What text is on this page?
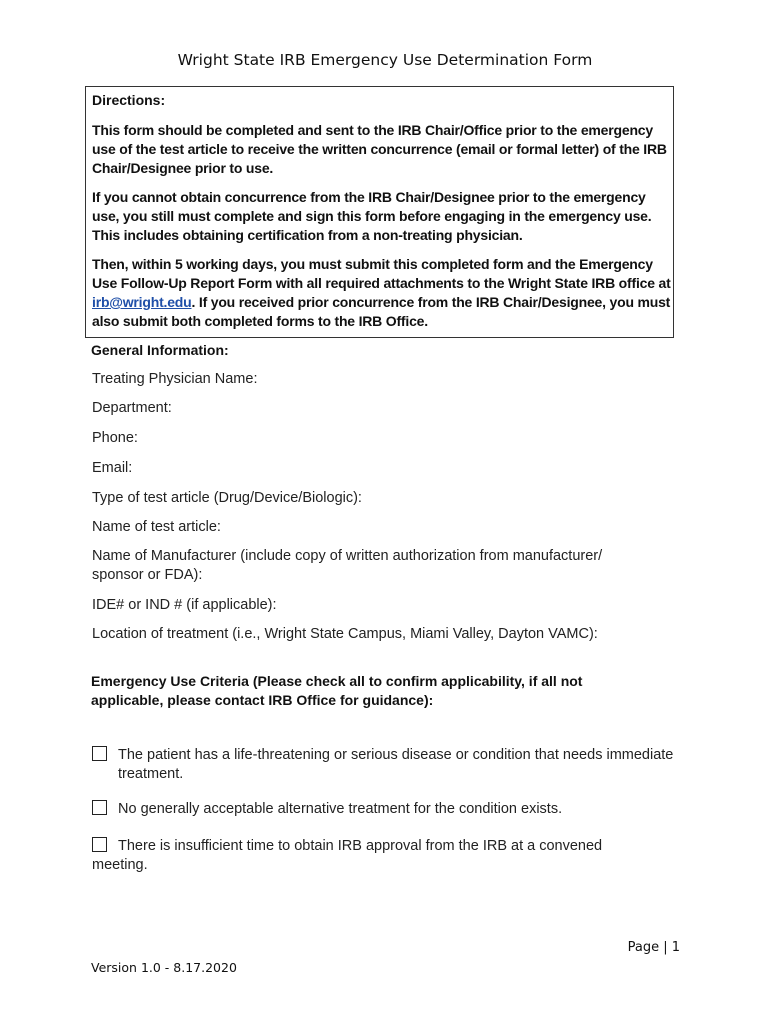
Wright State IRB Emergency Use Determination Form
Directions:
This form should be completed and sent to the IRB Chair/Office prior to the emergency use of the test article to receive the written concurrence (email or formal letter) of the IRB Chair/Designee prior to use.
If you cannot obtain concurrence from the IRB Chair/Designee prior to the emergency use, you still must complete and sign this form before engaging in the emergency use. This includes obtaining certification from a non-treating physician.
Then, within 5 working days, you must submit this completed form and the Emergency Use Follow-Up Report Form with all required attachments to the Wright State IRB office at irb@wright.edu. If you received prior concurrence from the IRB Chair/Designee, you must also submit both completed forms to the IRB Office.
General Information:
Treating Physician Name:
Department:
Phone:
Email:
Type of test article (Drug/Device/Biologic):
Name of test article:
Name of Manufacturer (include copy of written authorization from manufacturer/ sponsor or FDA):
IDE# or IND # (if applicable):
Location of treatment (i.e., Wright State Campus, Miami Valley, Dayton VAMC):
Emergency Use Criteria (Please check all to confirm applicability, if all not applicable, please contact IRB Office for guidance):
The patient has a life-threatening or serious disease or condition that needs immediate treatment.
No generally acceptable alternative treatment for the condition exists.
There is insufficient time to obtain IRB approval from the IRB at a convened meeting.
Page | 1
Version 1.0 - 8.17.2020
